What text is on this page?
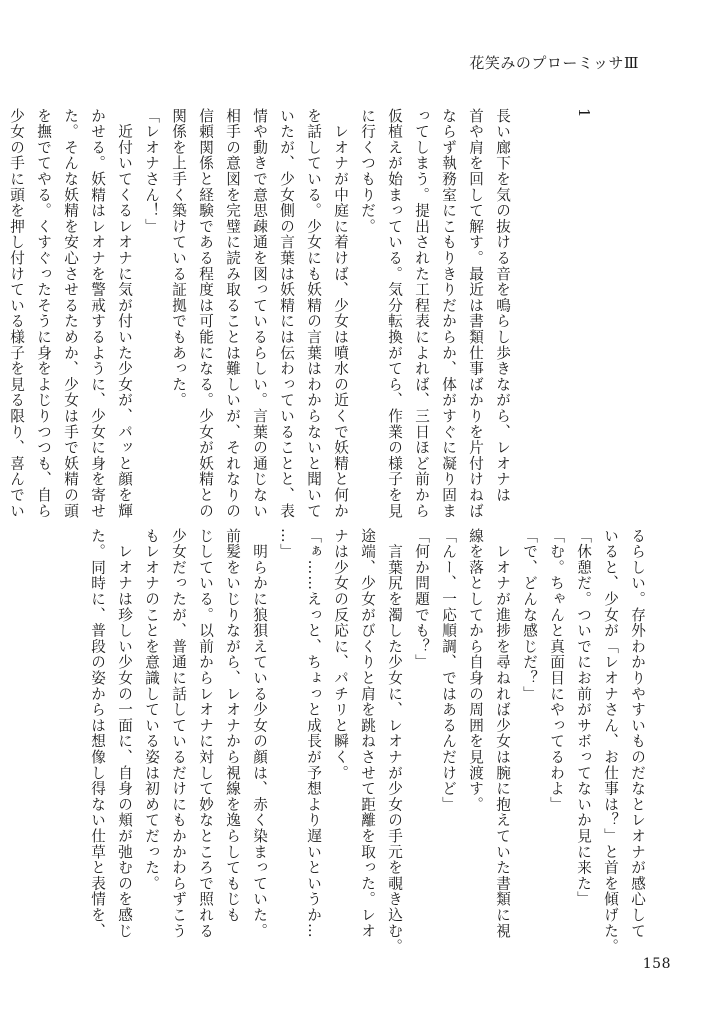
花笑みのプローミッサⅢ

1

長い廊下を気の抜ける音を鳴らし歩きながら、レオナは
首や肩を回して解す。最近は書類仕事ばかりを片付けねば
ならず執務室にこもりきりだからか、体がすぐに凝り固ま
ってしまう。提出された工程表によれば、三日ほど前から
仮植えが始まっている。気分転換がてら、作業の様子を見
に行くつもりだ。
　レオナが中庭に着けば、少女は噴水の近くで妖精と何か
を話している。少女にも妖精の言葉はわからないと聞いて
いたが、少女側の言葉は妖精には伝わっていることと、表
情や動きで意思疎通を図っているらしい。言葉の通じない
相手の意図を完璧に読み取ることは難しいが、それなりの
信頼関係と経験である程度は可能になる。少女が妖精との
関係を上手く築けている証拠でもあった。
「レオナさん！」
　近付いてくるレオナに気が付いた少女が、パッと顔を輝
かせる。妖精はレオナを警戒するように、少女に身を寄せ
た。そんな妖精を安心させるためか、少女は手で妖精の頭
を撫でてやる。くすぐったそうに身をよじりつつも、自ら
少女の手に頭を押し付けている様子を見る限り、喜んでい
るらしい。存外わかりやすいものだなとレオナが感心して
いると、少女が「レオナさん、お仕事は？」と首を傾げた。
「休憩だ。ついでにお前がサボってないか見に来た」
「む。ちゃんと真面目にやってるわよ」
「で、どんな感じだ？」
　レオナが進捗を尋ねれば少女は腕に抱えていた書類に視
線を落としてから自身の周囲を見渡す。
「んー、一応順調、ではあるんだけど」
「何か問題でも？」
　言葉尻を濁した少女に、レオナが少女の手元を覗き込む。
途端、少女がびくりと肩を跳ねさせて距離を取った。レオ
ナは少女の反応に、パチリと瞬く。
「ぁ……えっと、ちょっと成長が予想より遅いというか…
…」
　明らかに狼狽えている少女の顔は、赤く染まっていた。
前髪をいじりながら、レオナから視線を逸らしてもじも
じしている。以前からレオナに対して妙なところで照れる
少女だったが、普通に話しているだけにもかかわらずこう
もレオナのことを意識している姿は初めてだった。
　レオナは珍しい少女の一面に、自身の頬が弛むのを感じ
た。同時に、普段の姿からは想像し得ない仕草と表情を、
158
